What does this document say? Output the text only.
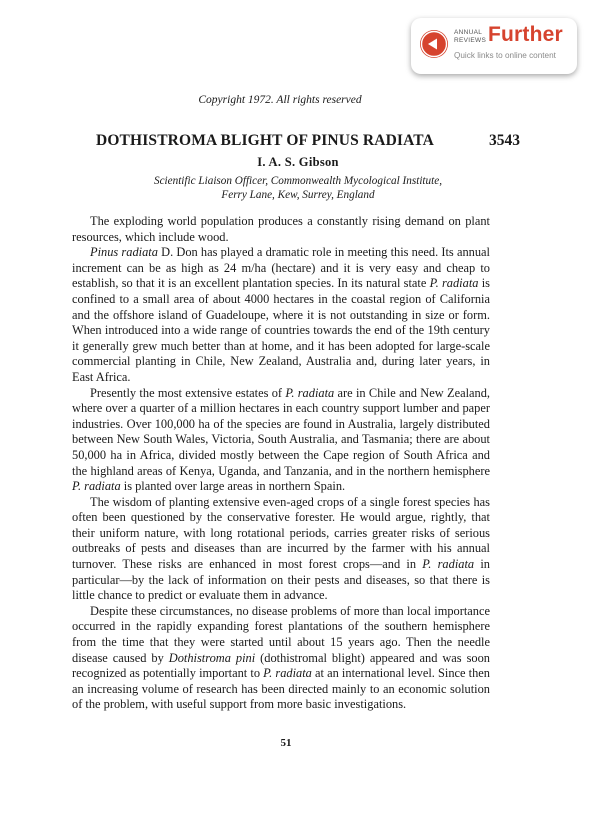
ANNUAL REVIEWS Further
Quick links to online content
Copyright 1972. All rights reserved
DOTHISTROMA BLIGHT OF PINUS RADIATA	3543
I. A. S. Gibson
Scientific Liaison Officer, Commonwealth Mycological Institute,
Ferry Lane, Kew, Surrey, England

The exploding world population produces a constantly rising demand on plant resources, which include wood.

Pinus radiata D. Don has played a dramatic role in meeting this need. Its annual increment can be as high as 24 m/ha (hectare) and it is very easy and cheap to establish, so that it is an excellent plantation species. In its natural state P. radiata is confined to a small area of about 4000 hectares in the coastal region of California and the offshore island of Guadeloupe, where it is not outstanding in size or form. When introduced into a wide range of countries towards the end of the 19th century it generally grew much better than at home, and it has been adopted for large-scale commercial planting in Chile, New Zealand, Australia and, during later years, in East Africa.

Presently the most extensive estates of P. radiata are in Chile and New Zealand, where over a quarter of a million hectares in each country support lumber and paper industries. Over 100,000 ha of the species are found in Australia, largely distributed between New South Wales, Victoria, South Australia, and Tasmania; there are about 50,000 ha in Africa, divided mostly between the Cape region of South Africa and the highland areas of Kenya, Uganda, and Tanzania, and in the northern hemisphere P. radiata is planted over large areas in northern Spain.

The wisdom of planting extensive even-aged crops of a single forest species has often been questioned by the conservative forester. He would argue, rightly, that their uniform nature, with long rotational periods, carries greater risks of serious outbreaks of pests and diseases than are incurred by the farmer with his annual turnover. These risks are enhanced in most forest crops—and in P. radiata in particular—by the lack of information on their pests and diseases, so that there is little chance to predict or evaluate them in advance.

Despite these circumstances, no disease problems of more than local importance occurred in the rapidly expanding forest plantations of the southern hemisphere from the time that they were started until about 15 years ago. Then the needle disease caused by Dothistroma pini (dothistromal blight) appeared and was soon recognized as potentially important to P. radiata at an international level. Since then an increasing volume of research has been directed mainly to an economic solution of the problem, with useful support from more basic investigations.

51
